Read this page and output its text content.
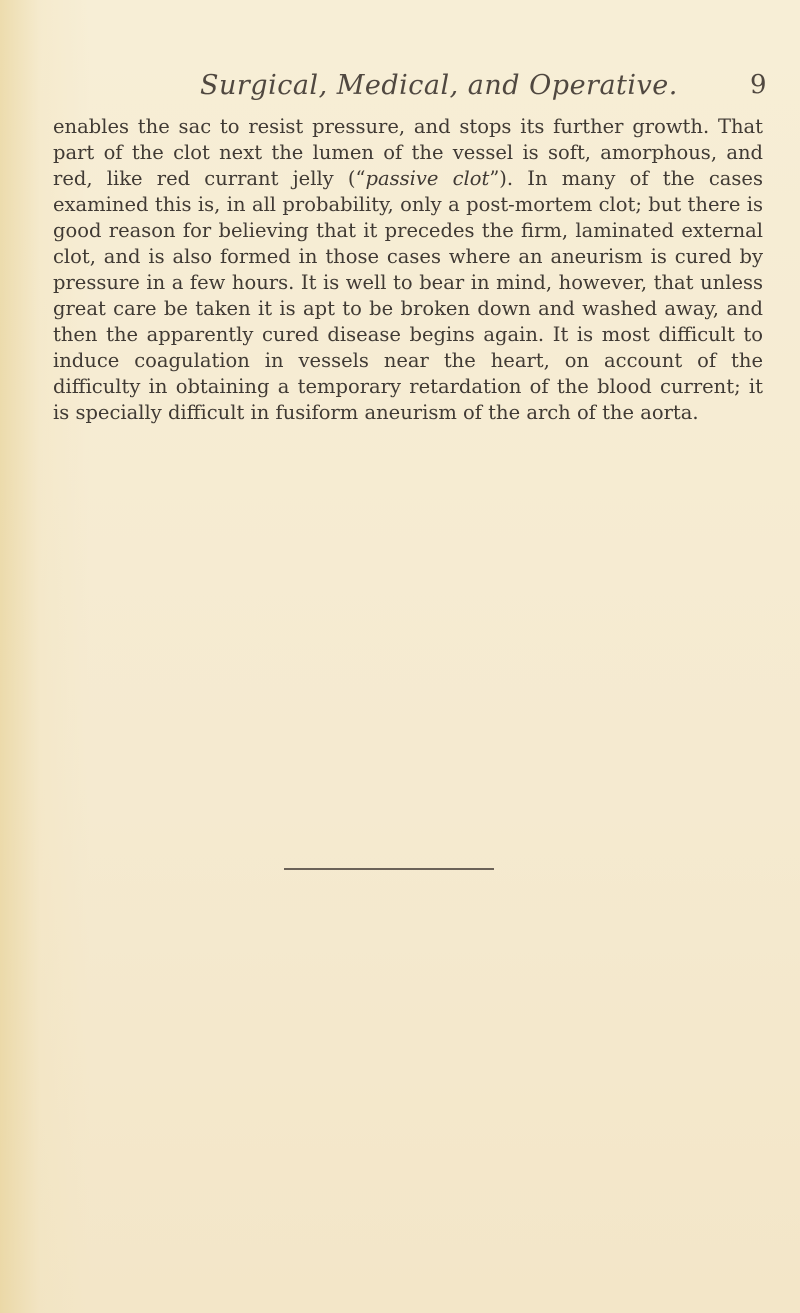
Surgical, Medical, and Operative.	9

enables the sac to resist pressure, and stops its further growth. That part of the clot next the lumen of the vessel is soft, amorphous, and red, like red currant jelly (“passive clot”). In many of the cases examined this is, in all probability, only a post-mortem clot; but there is good reason for believing that it precedes the firm, laminated external clot, and is also formed in those cases where an aneurism is cured by pressure in a few hours. It is well to bear in mind, however, that unless great care be taken it is apt to be broken down and washed away, and then the apparently cured disease begins again. It is most difficult to induce coagulation in vessels near the heart, on account of the difficulty in obtaining a temporary retardation of the blood current; it is specially difficult in fusiform aneurism of the arch of the aorta.
